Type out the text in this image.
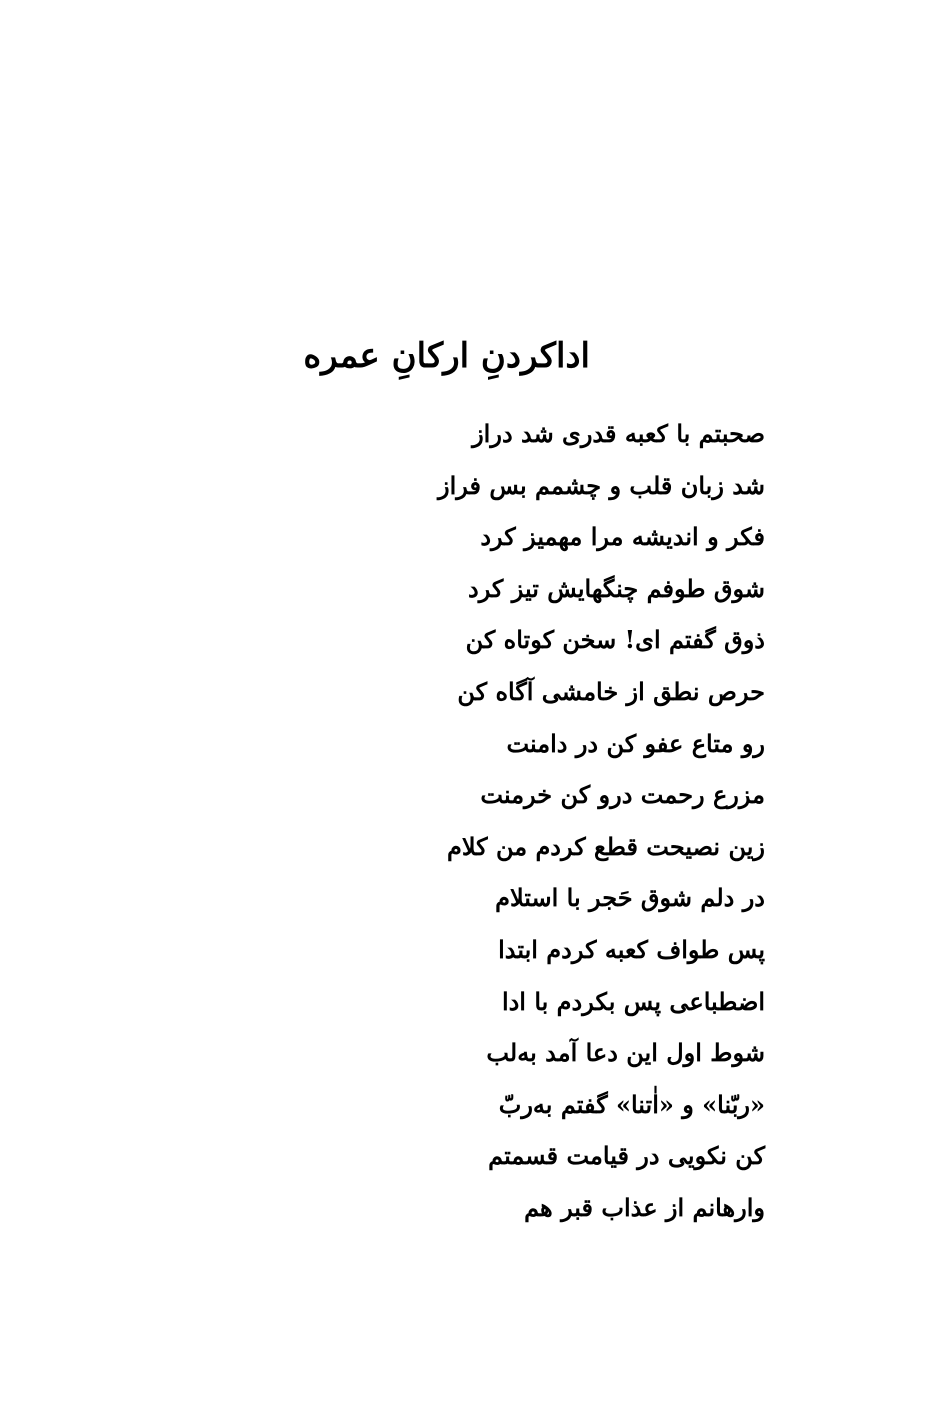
اداکردنِ ارکانِ عمره
صحبتم با کعبه قدری شد دراز
شد زبان قلب و چشمم بس فراز
فکر و اندیشه مرا مهمیز کرد
شوق طوفم چنگهایش تیز کرد
ذوق گفتم ای! سخن کوتاه کن
حرص نطق از خامشی آگاه کن
رو متاع عفو کن در دامنت
مزرع رحمت درو کن خرمنت
زین نصیحت قطع کردم من کلام
در دلم شوق حَجر با استلام
پس طواف کعبه کردم ابتدا
اضطباعی پس بکردم با ادا
شوط اول این دعا آمد به‌لب
«ربّنا» و «اٰتنا» گفتم به‌ربّ
کن نکویی در قیامت قسمتم
وارهانم از عذاب قبر هم
